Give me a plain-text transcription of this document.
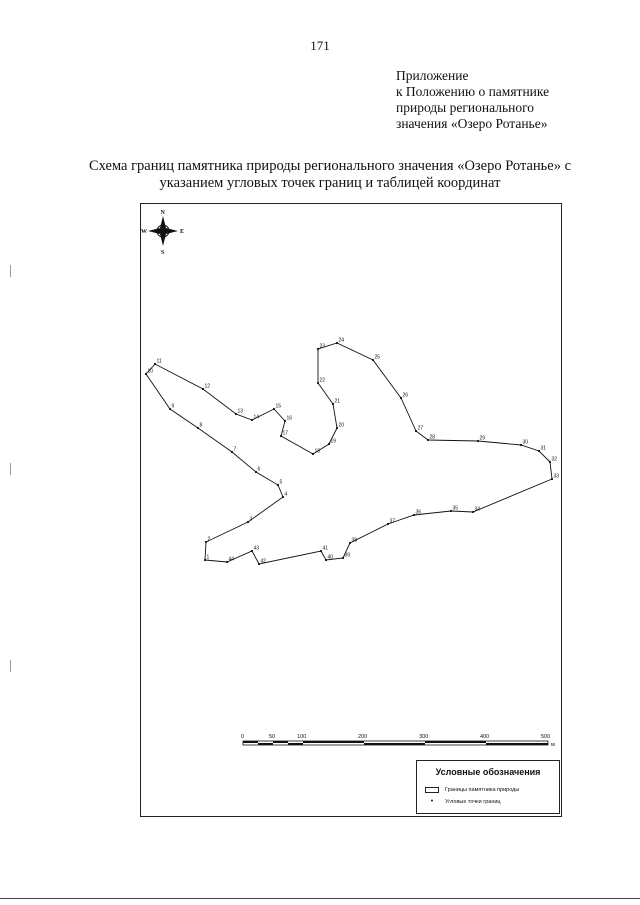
171
Приложение
к Положению о памятнике
природы регионального
значения «Озеро Ротанье»
Схема границ памятника природы регионального значения «Озеро Ротанье» с
указанием угловых точек границ и таблицей координат
N
S
W	E
1	44
43
42
41
40 39
38
37
36
35	34
33
32
31
30
29
28
27
26
25
24
23
22
21
20
19
18
17
16
15
14
13
12
11
10
9
8
7
6
5
4
3
2
0	50	100	200	300	400	500
м
Условные обозначения
Границы памятника природы
•	Угловые точки границ
